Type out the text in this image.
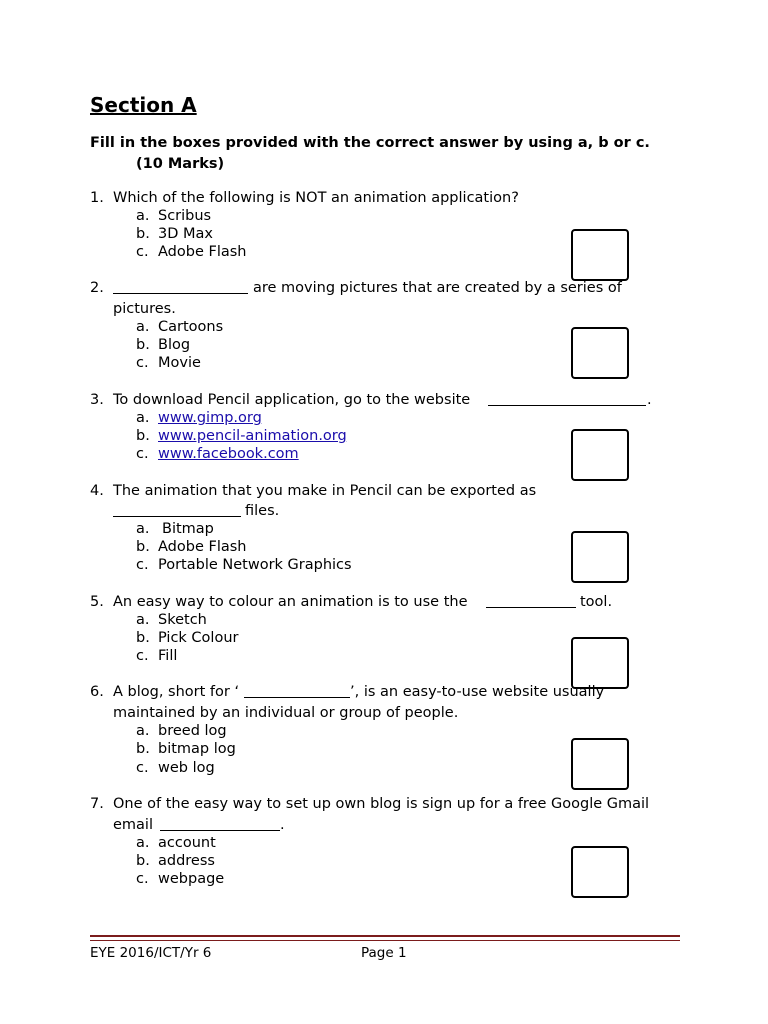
Section A
Fill in the boxes provided with the correct answer by using a, b or c.
(10 Marks)
1. Which of the following is NOT an animation application?
a. Scribus
b. 3D Max
c. Adobe Flash
2.	are moving pictures that are created by a series of
pictures.
a. Cartoons
b. Blog
c. Movie
3. To download Pencil application, go to the website	.
a. www.gimp.org
b. www.pencil-animation.org
c. www.facebook.com
4. The animation that you make in Pencil can be exported as
files.
a. Bitmap
b. Adobe Flash
c. Portable Network Graphics
5. An easy way to colour an animation is to use the	tool.
a. Sketch
b. Pick Colour
c. Fill
6. A blog, short for ‘	’, is an easy-to-use website usually
maintained by an individual or group of people.
a. breed log
b. bitmap log
c. web log
7. One of the easy way to set up own blog is sign up for a free Google Gmail
email	.
a. account
b. address
c. webpage
EYE 2016/ICT/Yr 6	Page 1
